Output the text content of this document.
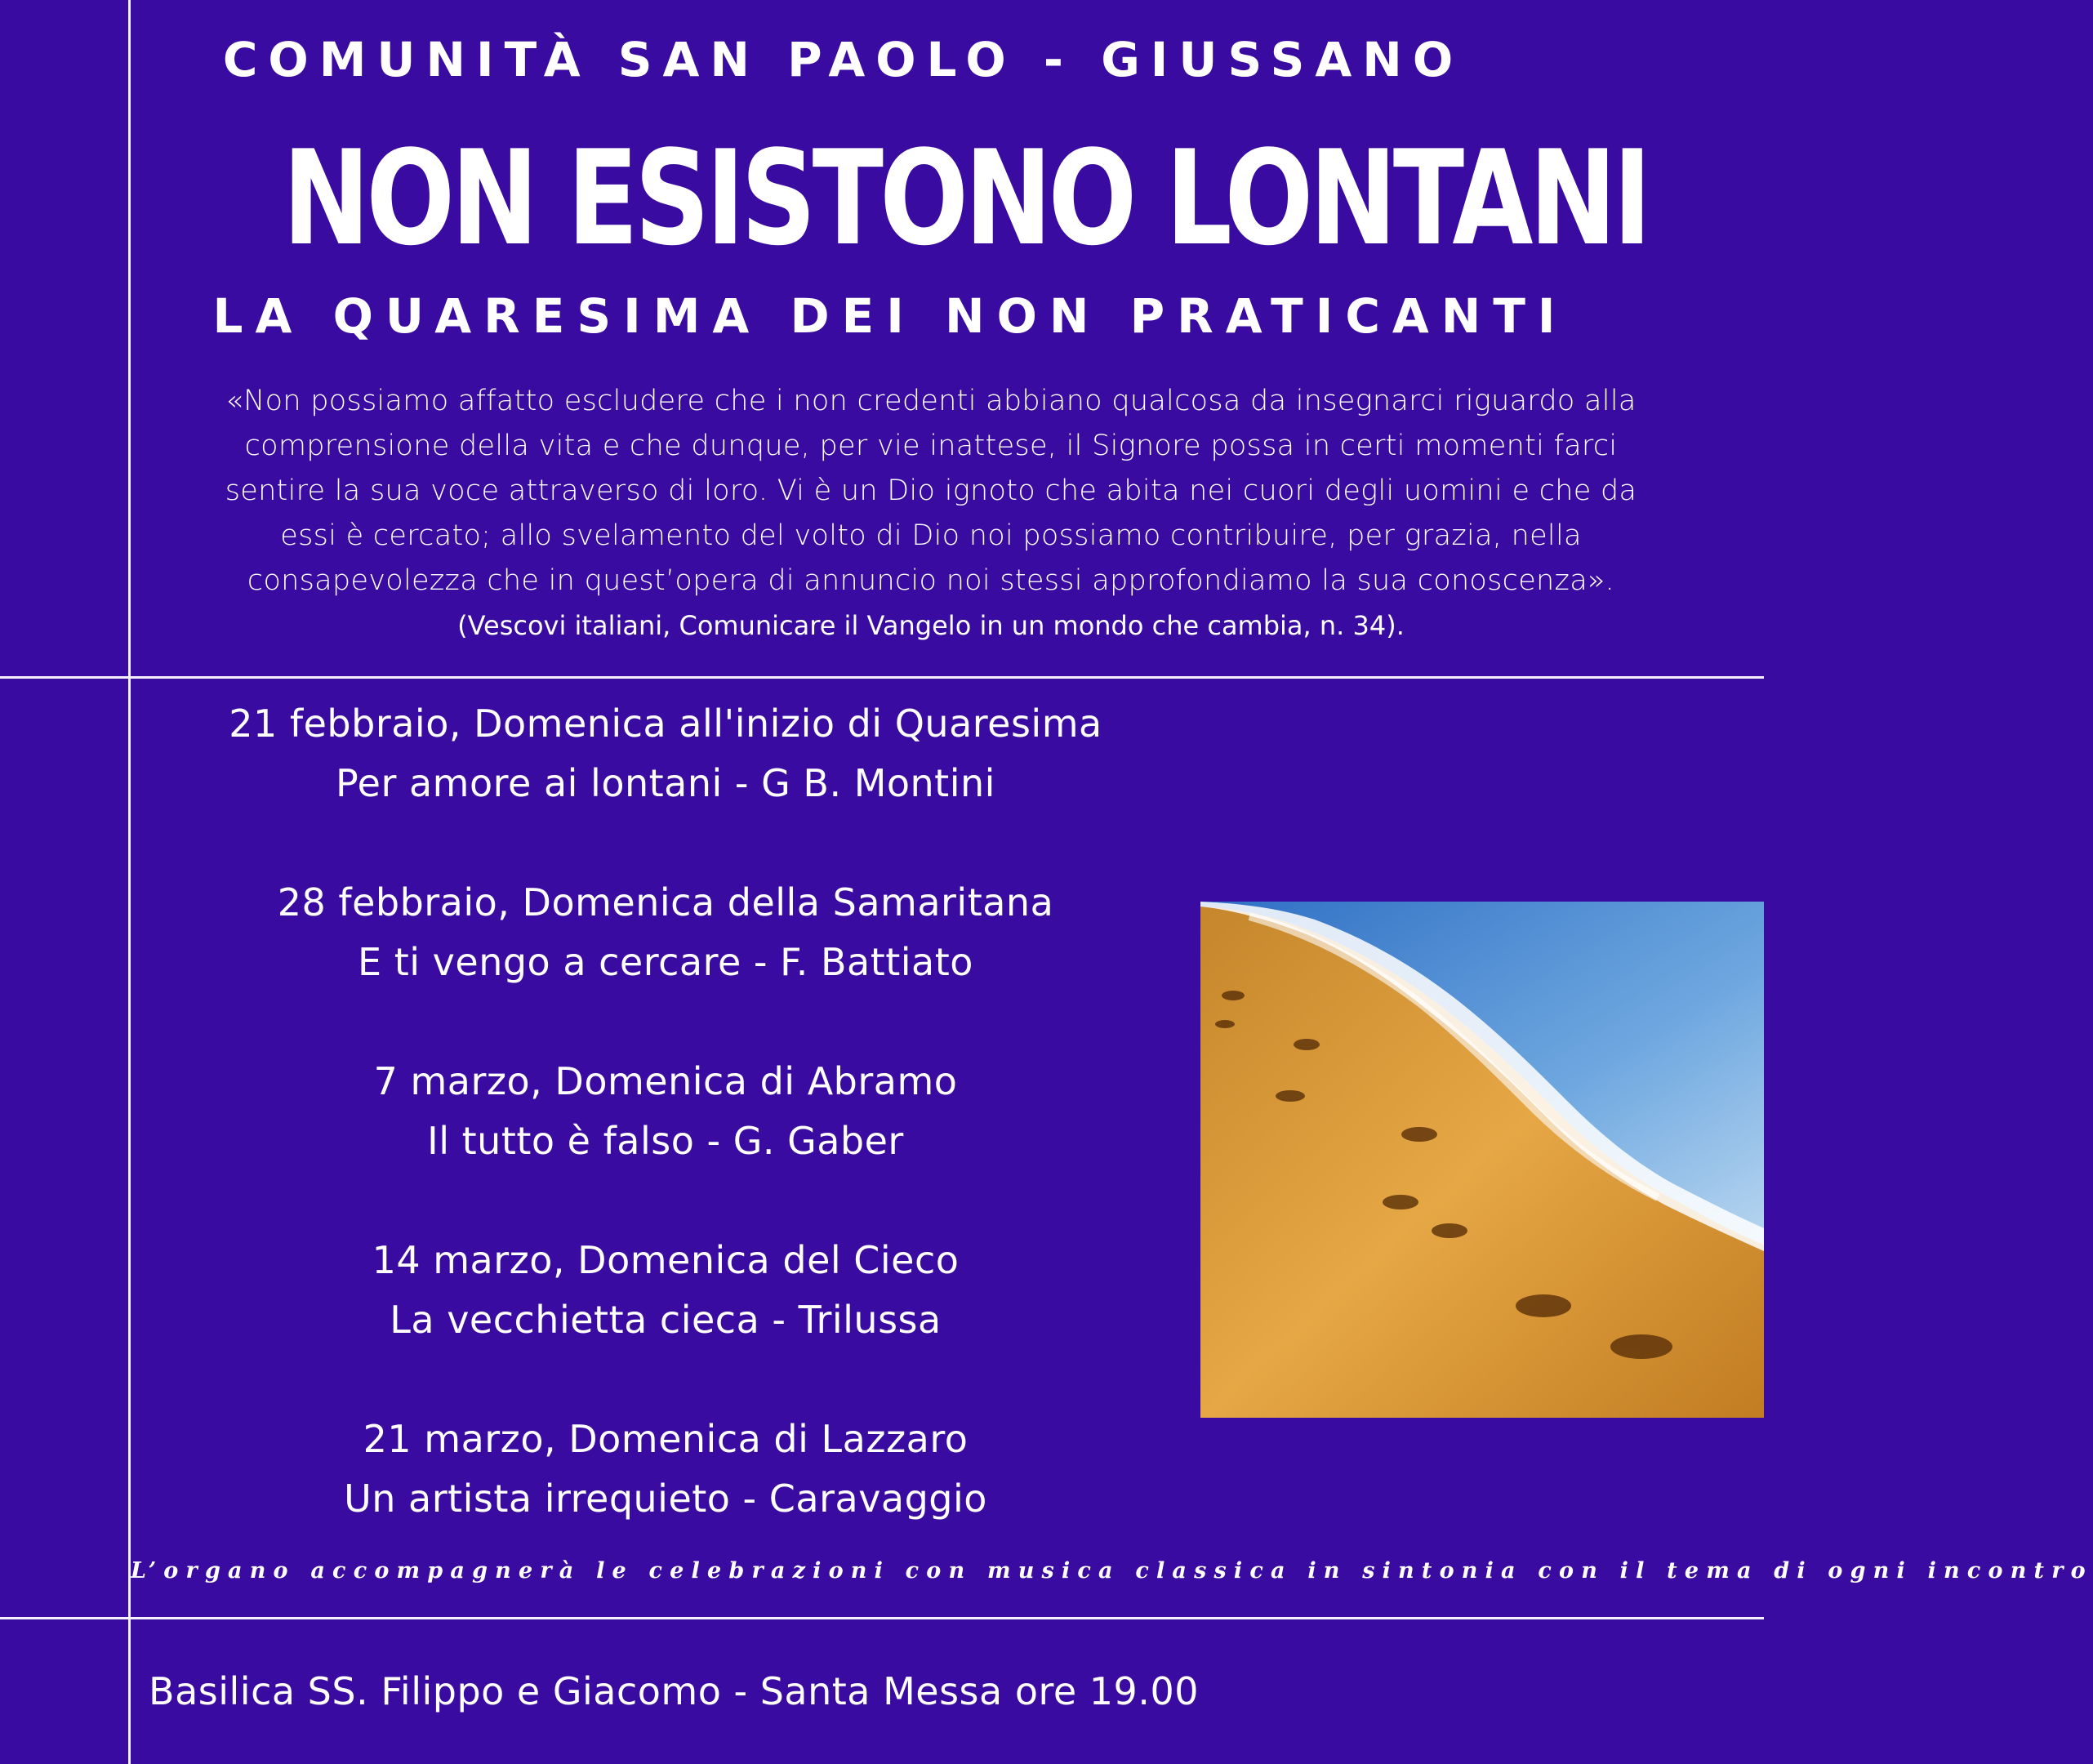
COMUNITÀ SAN PAOLO - GIUSSANO
NON ESISTONO LONTANI
LA QUARESIMA DEI NON PRATICANTI
«Non possiamo affatto escludere che i non credenti abbiano qualcosa da insegnarci riguardo alla
comprensione della vita e che dunque, per vie inattese, il Signore possa in certi momenti farci
sentire la sua voce attraverso di loro. Vi è un Dio ignoto che abita nei cuori degli uomini e che da
essi è cercato; allo svelamento del volto di Dio noi possiamo contribuire, per grazia, nella
consapevolezza che in quest’opera di annuncio noi stessi approfondiamo la sua conoscenza».
(Vescovi italiani, Comunicare il Vangelo in un mondo che cambia, n. 34).
21 febbraio, Domenica all'inizio di Quaresima
Per amore ai lontani - G B. Montini
28 febbraio, Domenica della Samaritana
E ti vengo a cercare - F. Battiato
7 marzo, Domenica di Abramo
Il tutto è falso - G. Gaber
14 marzo, Domenica del Cieco
La vecchietta cieca - Trilussa
21 marzo, Domenica di Lazzaro
Un artista irrequieto - Caravaggio
L’organo accompagnerà le celebrazioni con musica classica in sintonia con il tema di ogni incontro
Basilica SS. Filippo e Giacomo - Santa Messa ore 19.00
